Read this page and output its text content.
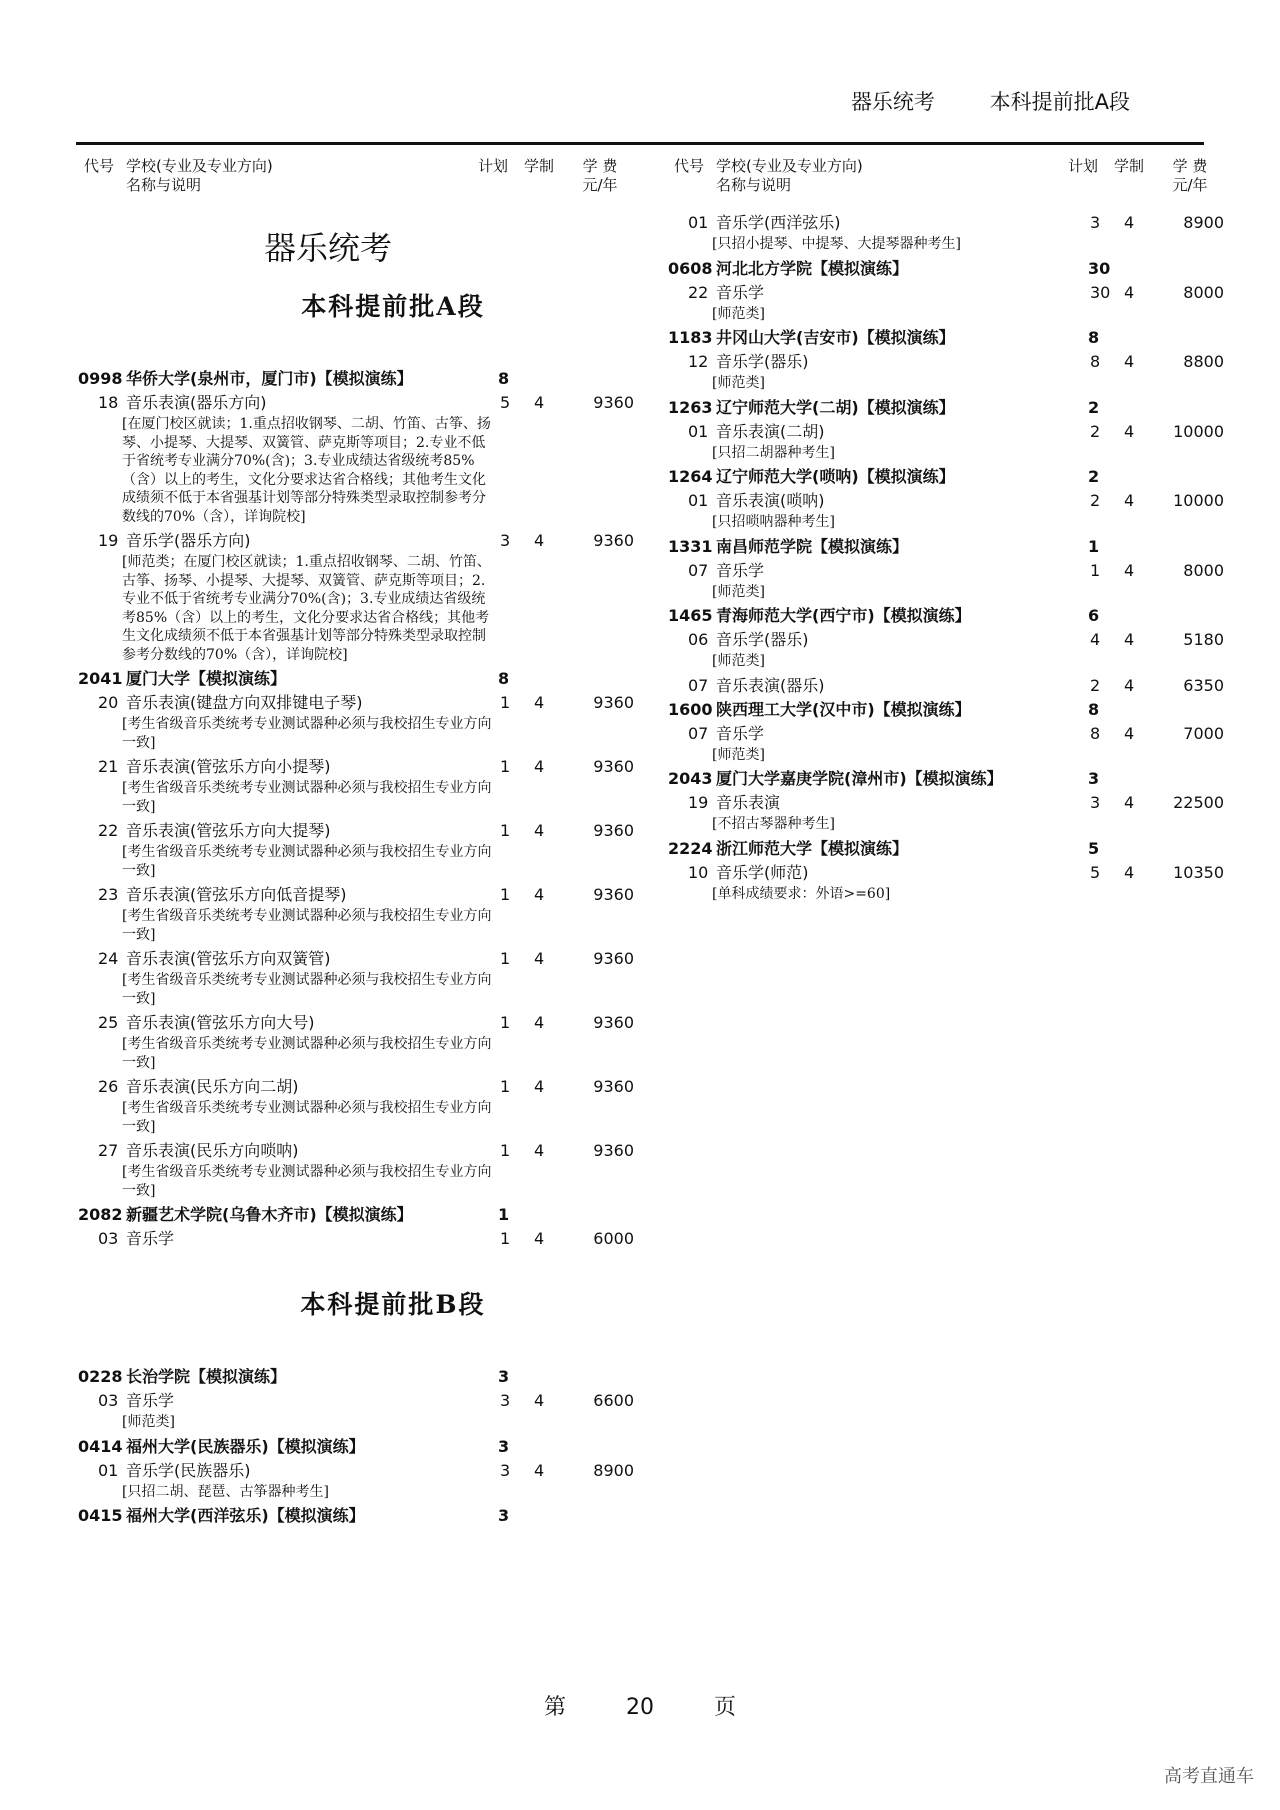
器乐统考	本科提前批A段
代号 学校(专业及专业方向)
名称与说明
计划 学制	学 费
元/年
器乐统考
本科提前批A段
0998 华侨大学(泉州市，厦门市)【模拟演练】	8
18 音乐表演(器乐方向)	5 4	9360
[在厦门校区就读；1.重点招收钢琴、二胡、竹笛、古筝、扬琴、小提琴、大提琴、双簧管、萨克斯等项目；2.专业不低于省统考专业满分70%(含)；3.专业成绩达省级统考85%（含）以上的考生，文化分要求达省合格线；其他考生文化成绩须不低于本省强基计划等部分特殊类型录取控制参考分数线的70%（含），详询院校]
19 音乐学(器乐方向)	3 4	9360
[师范类；在厦门校区就读；1.重点招收钢琴、二胡、竹笛、古筝、扬琴、小提琴、大提琴、双簧管、萨克斯等项目；2.专业不低于省统考专业满分70%(含)；3.专业成绩达省级统考85%（含）以上的考生，文化分要求达省合格线；其他考生文化成绩须不低于本省强基计划等部分特殊类型录取控制参考分数线的70%（含），详询院校]
2041 厦门大学【模拟演练】	8
20 音乐表演(键盘方向双排键电子琴)	1 4	9360
[考生省级音乐类统考专业测试器种必须与我校招生专业方向一致]
21 音乐表演(管弦乐方向小提琴)	1 4	9360
[考生省级音乐类统考专业测试器种必须与我校招生专业方向一致]
22 音乐表演(管弦乐方向大提琴)	1 4	9360
[考生省级音乐类统考专业测试器种必须与我校招生专业方向一致]
23 音乐表演(管弦乐方向低音提琴)	1 4	9360
[考生省级音乐类统考专业测试器种必须与我校招生专业方向一致]
24 音乐表演(管弦乐方向双簧管)	1 4	9360
[考生省级音乐类统考专业测试器种必须与我校招生专业方向一致]
25 音乐表演(管弦乐方向大号)	1 4	9360
[考生省级音乐类统考专业测试器种必须与我校招生专业方向一致]
26 音乐表演(民乐方向二胡)	1 4	9360
[考生省级音乐类统考专业测试器种必须与我校招生专业方向一致]
27 音乐表演(民乐方向唢呐)	1 4	9360
[考生省级音乐类统考专业测试器种必须与我校招生专业方向一致]
2082 新疆艺术学院(乌鲁木齐市)【模拟演练】	1
03 音乐学	1 4	6000
本科提前批B段
0228 长治学院【模拟演练】	3
03 音乐学	3 4	6600
[师范类]
0414 福州大学(民族器乐)【模拟演练】	3
01 音乐学(民族器乐)	3 4	8900
[只招二胡、琵琶、古筝器种考生]
0415 福州大学(西洋弦乐)【模拟演练】	3
代号 学校(专业及专业方向)
名称与说明
计划 学制	学 费
元/年
01 音乐学(西洋弦乐)	3 4	8900
[只招小提琴、中提琴、大提琴器种考生]
0608 河北北方学院【模拟演练】	30
22 音乐学	30 4	8000
[师范类]
1183 井冈山大学(吉安市)【模拟演练】	8
12 音乐学(器乐)	8 4	8800
[师范类]
1263 辽宁师范大学(二胡)【模拟演练】	2
01 音乐表演(二胡)	2 4	10000
[只招二胡器种考生]
1264 辽宁师范大学(唢呐)【模拟演练】	2
01 音乐表演(唢呐)	2 4	10000
[只招唢呐器种考生]
1331 南昌师范学院【模拟演练】	1
07 音乐学	1 4	8000
[师范类]
1465 青海师范大学(西宁市)【模拟演练】	6
06 音乐学(器乐)	4 4	5180
[师范类]
07 音乐表演(器乐)	2 4	6350
1600 陕西理工大学(汉中市)【模拟演练】	8
07 音乐学	8 4	7000
[师范类]
2043 厦门大学嘉庚学院(漳州市)【模拟演练】	3
19 音乐表演	3 4	22500
[不招古琴器种考生]
2224 浙江师范大学【模拟演练】	5
10 音乐学(师范)	5 4	10350
[单科成绩要求：外语>=60]
第	20	页
高考直通车
